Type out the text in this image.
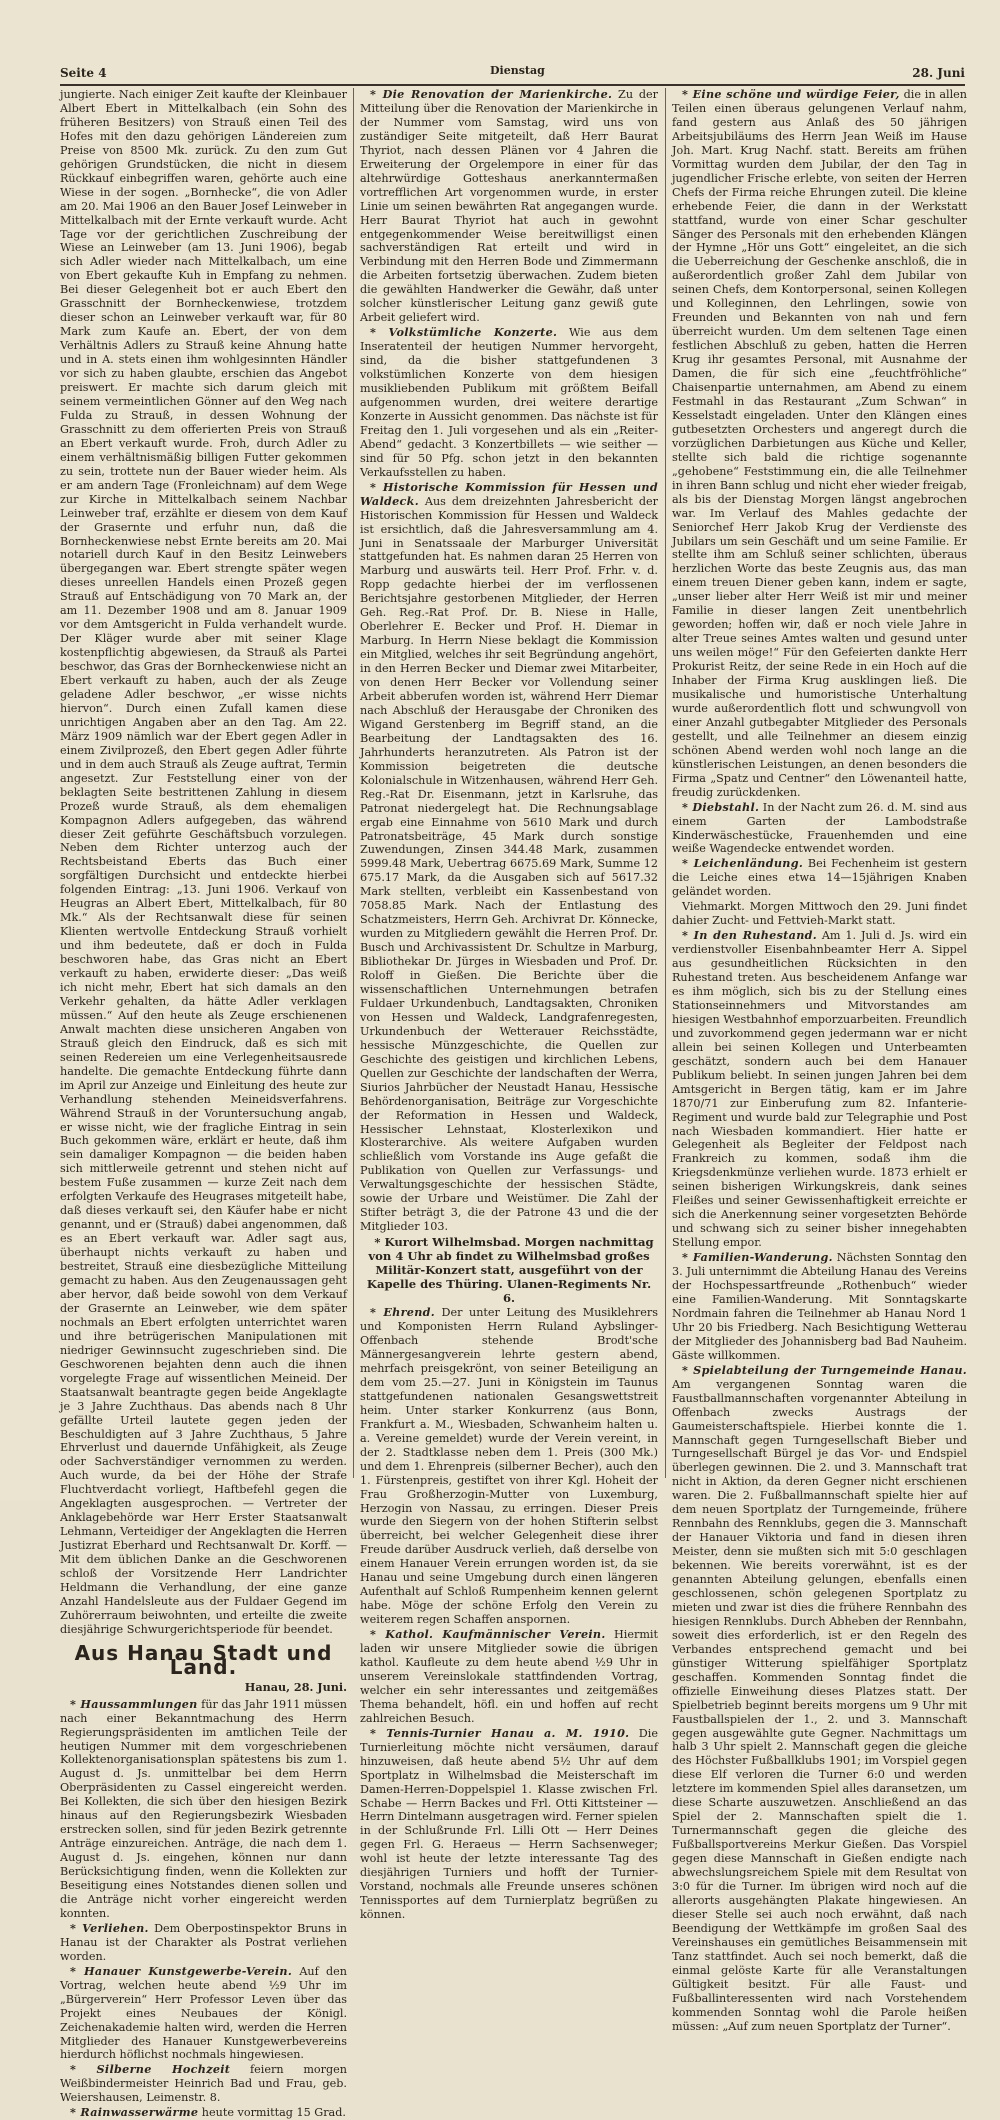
Seite 4	Dienstag	28. Juni

jungierte. Nach einiger Zeit kaufte der Kleinbauer Albert Ebert in Mittelkalbach (ein Sohn des früheren Besitzers) von Strauß einen Teil des Hofes mit den dazu gehörigen Ländereien zum Preise von 8500 Mk. zurück. Zu den zum Gut gehörigen Grundstücken, die nicht in diesem Rückkauf einbegriffen waren, gehörte auch eine Wiese in der sogen. „Bornhecke“, die von Adler am 20. Mai 1906 an den Bauer Josef Leinweber in Mittelkalbach mit der Ernte verkauft wurde. Acht Tage vor der gerichtlichen Zuschreibung der Wiese an Leinweber (am 13. Juni 1906), begab sich Adler wieder nach Mittelkalbach, um eine von Ebert gekaufte Kuh in Empfang zu nehmen. Bei dieser Gelegenheit bot er auch Ebert den Grasschnitt der Bornheckenwiese, trotzdem dieser schon an Leinweber verkauft war, für 80 Mark zum Kaufe an. Ebert, der von dem Verhältnis Adlers zu Strauß keine Ahnung hatte und in A. stets einen ihm wohlgesinnten Händler vor sich zu haben glaubte, erschien das Angebot preiswert. Er machte sich darum gleich mit seinem vermeintlichen Gönner auf den Weg nach Fulda zu Strauß, in dessen Wohnung der Grasschnitt zu dem offerierten Preis von Strauß an Ebert verkauft wurde. Froh, durch Adler zu einem verhältnismäßig billigen Futter gekommen zu sein, trottete nun der Bauer wieder heim. Als er am andern Tage (Fronleichnam) auf dem Wege zur Kirche in Mittelkalbach seinem Nachbar Leinweber traf, erzählte er diesem von dem Kauf der Grasernte und erfuhr nun, daß die Bornheckenwiese nebst Ernte bereits am 20. Mai notariell durch Kauf in den Besitz Leinwebers übergegangen war. Ebert strengte später wegen dieses unreellen Handels einen Prozeß gegen Strauß auf Entschädigung von 70 Mark an, der am 11. Dezember 1908 und am 8. Januar 1909 vor dem Amtsgericht in Fulda verhandelt wurde. Der Kläger wurde aber mit seiner Klage kostenpflichtig abgewiesen, da Strauß als Partei beschwor, das Gras der Bornheckenwiese nicht an Ebert verkauft zu haben, auch der als Zeuge geladene Adler beschwor, „er wisse nichts hiervon“. Durch einen Zufall kamen diese unrichtigen Angaben aber an den Tag. Am 22. März 1909 nämlich war der Ebert gegen Adler in einem Zivilprozeß, den Ebert gegen Adler führte und in dem auch Strauß als Zeuge auftrat, Termin angesetzt. Zur Feststellung einer von der beklagten Seite bestrittenen Zahlung in diesem Prozeß wurde Strauß, als dem ehemaligen Kompagnon Adlers aufgegeben, das während dieser Zeit geführte Geschäftsbuch vorzulegen. Neben dem Richter unterzog auch der Rechtsbeistand Eberts das Buch einer sorgfältigen Durchsicht und entdeckte hierbei folgenden Eintrag: „13. Juni 1906. Verkauf von Heugras an Albert Ebert, Mittelkalbach, für 80 Mk.“ Als der Rechtsanwalt diese für seinen Klienten wertvolle Entdeckung Strauß vorhielt und ihm bedeutete, daß er doch in Fulda beschworen habe, das Gras nicht an Ebert verkauft zu haben, erwiderte dieser: „Das weiß ich nicht mehr, Ebert hat sich damals an den Verkehr gehalten, da hätte Adler verklagen müssen.“ Auf den heute als Zeuge erschienenen Anwalt machten diese unsicheren Angaben von Strauß gleich den Eindruck, daß es sich mit seinen Redereien um eine Verlegenheitsausrede handelte. Die gemachte Entdeckung führte dann im April zur Anzeige und Einleitung des heute zur Verhandlung stehenden Meineidsverfahrens. Während Strauß in der Voruntersuchung angab, er wisse nicht, wie der fragliche Eintrag in sein Buch gekommen wäre, erklärt er heute, daß ihm sein damaliger Kompagnon — die beiden haben sich mittlerweile getrennt und stehen nicht auf bestem Fuße zusammen — kurze Zeit nach dem erfolgten Verkaufe des Heugrases mitgeteilt habe, daß dieses verkauft sei, den Käufer habe er nicht genannt, und er (Strauß) dabei angenommen, daß es an Ebert verkauft war. Adler sagt aus, überhaupt nichts verkauft zu haben und bestreitet, Strauß eine diesbezügliche Mitteilung gemacht zu haben. Aus den Zeugenaussagen geht aber hervor, daß beide sowohl von dem Verkauf der Grasernte an Leinweber, wie dem später nochmals an Ebert erfolgten unterrichtet waren und ihre betrügerischen Manipulationen mit niedriger Gewinnsucht zugeschrieben sind. Die Geschworenen bejahten denn auch die ihnen vorgelegte Frage auf wissentlichen Meineid. Der Staatsanwalt beantragte gegen beide Angeklagte je 3 Jahre Zuchthaus. Das abends nach 8 Uhr gefällte Urteil lautete gegen jeden der Beschuldigten auf 3 Jahre Zuchthaus, 5 Jahre Ehrverlust und dauernde Unfähigkeit, als Zeuge oder Sachverständiger vernommen zu werden. Auch wurde, da bei der Höhe der Strafe Fluchtverdacht vorliegt, Haftbefehl gegen die Angeklagten ausgesprochen. — Vertreter der Anklagebehörde war Herr Erster Staatsanwalt Lehmann, Verteidiger der Angeklagten die Herren Justizrat Eberhard und Rechtsanwalt Dr. Korff. — Mit dem üblichen Danke an die Geschworenen schloß der Vorsitzende Herr Landrichter Heldmann die Verhandlung, der eine ganze Anzahl Handelsleute aus der Fuldaer Gegend im Zuhörerraum beiwohnten, und erteilte die zweite diesjährige Schwurgerichtsperiode für beendet.

Aus Hanau Stadt und Land.
Hanau, 28. Juni.

* Haussammlungen für das Jahr 1911 müssen nach einer Bekanntmachung des Herrn Regierungspräsidenten im amtlichen Teile der heutigen Nummer mit dem vorgeschriebenen Kollektenorganisationsplan spätestens bis zum 1. August d. Js. unmittelbar bei dem Herrn Oberpräsidenten zu Cassel eingereicht werden. Bei Kollekten, die sich über den hiesigen Bezirk hinaus auf den Regierungsbezirk Wiesbaden erstrecken sollen, sind für jeden Bezirk getrennte Anträge einzureichen. Anträge, die nach dem 1. August d. Js. eingehen, können nur dann Berücksichtigung finden, wenn die Kollekten zur Beseitigung eines Notstandes dienen sollen und die Anträge nicht vorher eingereicht werden konnten.

* Verliehen. Dem Oberpostinspektor Bruns in Hanau ist der Charakter als Postrat verliehen worden.

* Hanauer Kunstgewerbe-Verein. Auf den Vortrag, welchen heute abend ½9 Uhr im „Bürgerverein“ Herr Professor Leven über das Projekt eines Neubaues der Königl. Zeichenakademie halten wird, werden die Herren Mitglieder des Hanauer Kunstgewerbevereins hierdurch höflichst nochmals hingewiesen.

* Silberne Hochzeit feiern morgen Weißbindermeister Heinrich Bad und Frau, geb. Weiershausen, Leimenstr. 8.

* Rainwasserwärme heute vormittag 15 Grad.

* Die Renovation der Marienkirche. Zu der Mitteilung über die Renovation der Marienkirche in der Nummer vom Samstag, wird uns von zuständiger Seite mitgeteilt, daß Herr Baurat Thyriot, nach dessen Plänen vor 4 Jahren die Erweiterung der Orgelempore in einer für das altehrwürdige Gotteshaus anerkanntermaßen vortrefflichen Art vorgenommen wurde, in erster Linie um seinen bewährten Rat angegangen wurde. Herr Baurat Thyriot hat auch in gewohnt entgegenkommender Weise bereitwilligst einen sachverständigen Rat erteilt und wird in Verbindung mit den Herren Bode und Zimmermann die Arbeiten fortsetzig überwachen. Zudem bieten die gewählten Handwerker die Gewähr, daß unter solcher künstlerischer Leitung ganz gewiß gute Arbeit geliefert wird.

* Volkstümliche Konzerte. Wie aus dem Inseratenteil der heutigen Nummer hervorgeht, sind, da die bisher stattgefundenen 3 volkstümlichen Konzerte von dem hiesigen musikliebenden Publikum mit größtem Beifall aufgenommen wurden, drei weitere derartige Konzerte in Aussicht genommen. Das nächste ist für Freitag den 1. Juli vorgesehen und als ein „Reiter-Abend“ gedacht. 3 Konzertbillets — wie seither — sind für 50 Pfg. schon jetzt in den bekannten Verkaufsstellen zu haben.

* Historische Kommission für Hessen und Waldeck. Aus dem dreizehnten Jahresbericht der Historischen Kommission für Hessen und Waldeck ist ersichtlich, daß die Jahresversammlung am 4. Juni in Senatssaale der Marburger Universität stattgefunden hat. Es nahmen daran 25 Herren von Marburg und auswärts teil. Herr Prof. Frhr. v. d. Ropp gedachte hierbei der im verflossenen Berichtsjahre gestorbenen Mitglieder, der Herren Geh. Reg.-Rat Prof. Dr. B. Niese in Halle, Oberlehrer E. Becker und Prof. H. Diemar in Marburg. In Herrn Niese beklagt die Kommission ein Mitglied, welches ihr seit Begründung angehört, in den Herren Becker und Diemar zwei Mitarbeiter, von denen Herr Becker vor Vollendung seiner Arbeit abberufen worden ist, während Herr Diemar nach Abschluß der Herausgabe der Chroniken des Wigand Gerstenberg im Begriff stand, an die Bearbeitung der Landtagsakten des 16. Jahrhunderts heranzutreten. Als Patron ist der Kommission beigetreten die deutsche Kolonialschule in Witzenhausen, während Herr Geh. Reg.-Rat Dr. Eisenmann, jetzt in Karlsruhe, das Patronat niedergelegt hat. Die Rechnungsablage ergab eine Einnahme von 5610 Mark und durch Patronatsbeiträge, 45 Mark durch sonstige Zuwendungen, Zinsen 344.48 Mark, zusammen 5999.48 Mark, Uebertrag 6675.69 Mark, Summe 12 675.17 Mark, da die Ausgaben sich auf 5617.32 Mark stellten, verbleibt ein Kassenbestand von 7058.85 Mark. Nach der Entlastung des Schatzmeisters, Herrn Geh. Archivrat Dr. Könnecke, wurden zu Mitgliedern gewählt die Herren Prof. Dr. Busch und Archivassistent Dr. Schultze in Marburg, Bibliothekar Dr. Jürges in Wiesbaden und Prof. Dr. Roloff in Gießen. Die Berichte über die wissenschaftlichen Unternehmungen betrafen Fuldaer Urkundenbuch, Landtagsakten, Chroniken von Hessen und Waldeck, Landgrafenregesten, Urkundenbuch der Wetterauer Reichsstädte, hessische Münzgeschichte, die Quellen zur Geschichte des geistigen und kirchlichen Lebens, Quellen zur Geschichte der landschaften der Werra, Siurios Jahrbücher der Neustadt Hanau, Hessische Behördenorganisation, Beiträge zur Vorgeschichte der Reformation in Hessen und Waldeck, Hessischer Lehnstaat, Klosterlexikon und Klosterarchive. Als weitere Aufgaben wurden schließlich vom Vorstande ins Auge gefaßt die Publikation von Quellen zur Verfassungs- und Verwaltungsgeschichte der hessischen Städte, sowie der Urbare und Weistümer. Die Zahl der Stifter beträgt 3, die der Patrone 43 und die der Mitglieder 103.

* Kurort Wilhelmsbad. Morgen nachmittag von 4 Uhr ab findet zu Wilhelmsbad großes Militär-Konzert statt, ausgeführt von der Kapelle des Thüring. Ulanen-Regiments Nr. 6.

* Ehrend. Der unter Leitung des Musiklehrers und Komponisten Herrn Ruland Aybslinger-Offenbach stehende Brodt'sche Männergesangverein lehrte gestern abend, mehrfach preisgekrönt, von seiner Beteiligung an dem vom 25.—27. Juni in Königstein im Taunus stattgefundenen nationalen Gesangswettstreit heim. Unter starker Konkurrenz (aus Bonn, Frankfurt a. M., Wiesbaden, Schwanheim halten u. a. Vereine gemeldet) wurde der Verein vereint, in der 2. Stadtklasse neben dem 1. Preis (300 Mk.) und dem 1. Ehrenpreis (silberner Becher), auch den 1. Fürstenpreis, gestiftet von ihrer Kgl. Hoheit der Frau Großherzogin-Mutter von Luxemburg, Herzogin von Nassau, zu erringen. Dieser Preis wurde den Siegern von der hohen Stifterin selbst überreicht, bei welcher Gelegenheit diese ihrer Freude darüber Ausdruck verlieh, daß derselbe von einem Hanauer Verein errungen worden ist, da sie Hanau und seine Umgebung durch einen längeren Aufenthalt auf Schloß Rumpenheim kennen gelernt habe. Möge der schöne Erfolg den Verein zu weiterem regen Schaffen anspornen.

* Kathol. Kaufmännischer Verein. Hiermit laden wir unsere Mitglieder sowie die übrigen kathol. Kaufleute zu dem heute abend ½9 Uhr in unserem Vereinslokale stattfindenden Vortrag, welcher ein sehr interessantes und zeitgemäßes Thema behandelt, höfl. ein und hoffen auf recht zahlreichen Besuch.

* Tennis-Turnier Hanau a. M. 1910. Die Turnierleitung möchte nicht versäumen, darauf hinzuweisen, daß heute abend 5½ Uhr auf dem Sportplatz in Wilhelmsbad die Meisterschaft im Damen-Herren-Doppelspiel 1. Klasse zwischen Frl. Schabe — Herrn Backes und Frl. Otti Kittsteiner — Herrn Dintelmann ausgetragen wird. Ferner spielen in der Schlußrunde Frl. Lilli Ott — Herr Deines gegen Frl. G. Heraeus — Herrn Sachsenweger; wohl ist heute der letzte interessante Tag des diesjährigen Turniers und hofft der Turnier-Vorstand, nochmals alle Freunde unseres schönen Tennissportes auf dem Turnierplatz begrüßen zu können.

* Eine schöne und würdige Feier, die in allen Teilen einen überaus gelungenen Verlauf nahm, fand gestern aus Anlaß des 50 jährigen Arbeitsjubiläums des Herrn Jean Weiß im Hause Joh. Mart. Krug Nachf. statt. Bereits am frühen Vormittag wurden dem Jubilar, der den Tag in jugendlicher Frische erlebte, von seiten der Herren Chefs der Firma reiche Ehrungen zuteil. Die kleine erhebende Feier, die dann in der Werkstatt stattfand, wurde von einer Schar geschulter Sänger des Personals mit den erhebenden Klängen der Hymne „Hör uns Gott“ eingeleitet, an die sich die Ueberreichung der Geschenke anschloß, die in außerordentlich großer Zahl dem Jubilar von seinen Chefs, dem Kontorpersonal, seinen Kollegen und Kolleginnen, den Lehrlingen, sowie von Freunden und Bekannten von nah und fern überreicht wurden. Um dem seltenen Tage einen festlichen Abschluß zu geben, hatten die Herren Krug ihr gesamtes Personal, mit Ausnahme der Damen, die für sich eine „feuchtfröhliche“ Chaisenpartie unternahmen, am Abend zu einem Festmahl in das Restaurant „Zum Schwan“ in Kesselstadt eingeladen. Unter den Klängen eines gutbesetzten Orchesters und angeregt durch die vorzüglichen Darbietungen aus Küche und Keller, stellte sich bald die richtige sogenannte „gehobene“ Feststimmung ein, die alle Teilnehmer in ihren Bann schlug und nicht eher wieder freigab, als bis der Dienstag Morgen längst angebrochen war. Im Verlauf des Mahles gedachte der Seniorchef Herr Jakob Krug der Verdienste des Jubilars um sein Geschäft und um seine Familie. Er stellte ihm am Schluß seiner schlichten, überaus herzlichen Worte das beste Zeugnis aus, das man einem treuen Diener geben kann, indem er sagte, „unser lieber alter Herr Weiß ist mir und meiner Familie in dieser langen Zeit unentbehrlich geworden; hoffen wir, daß er noch viele Jahre in alter Treue seines Amtes walten und gesund unter uns weilen möge!“ Für den Gefeierten dankte Herr Prokurist Reitz, der seine Rede in ein Hoch auf die Inhaber der Firma Krug ausklingen ließ. Die musikalische und humoristische Unterhaltung wurde außerordentlich flott und schwungvoll von einer Anzahl gutbegabter Mitglieder des Personals gestellt, und alle Teilnehmer an diesem einzig schönen Abend werden wohl noch lange an die künstlerischen Leistungen, an denen besonders die Firma „Spatz und Centner“ den Löwenanteil hatte, freudig zurückdenken.

* Diebstahl. In der Nacht zum 26. d. M. sind aus einem Garten der Lambodstraße Kinderwäschestücke, Frauenhemden und eine weiße Wagendecke entwendet worden.

* Leichenländung. Bei Fechenheim ist gestern die Leiche eines etwa 14—15jährigen Knaben geländet worden.

Viehmarkt. Morgen Mittwoch den 29. Juni findet dahier Zucht- und Fettvieh-Markt statt.

* In den Ruhestand. Am 1. Juli d. Js. wird ein verdienstvoller Eisenbahnbeamter Herr A. Sippel aus gesundheitlichen Rücksichten in den Ruhestand treten. Aus bescheidenem Anfange war es ihm möglich, sich bis zu der Stellung eines Stationseinnehmers und Mitvorstandes am hiesigen Westbahnhof emporzuarbeiten. Freundlich und zuvorkommend gegen jedermann war er nicht allein bei seinen Kollegen und Unterbeamten geschätzt, sondern auch bei dem Hanauer Publikum beliebt. In seinen jungen Jahren bei dem Amtsgericht in Bergen tätig, kam er im Jahre 1870/71 zur Einberufung zum 82. Infanterie-Regiment und wurde bald zur Telegraphie und Post nach Wiesbaden kommandiert. Hier hatte er Gelegenheit als Begleiter der Feldpost nach Frankreich zu kommen, sodaß ihm die Kriegsdenkmünze verliehen wurde. 1873 erhielt er seinen bisherigen Wirkungskreis, dank seines Fleißes und seiner Gewissenhaftigkeit erreichte er sich die Anerkennung seiner vorgesetzten Behörde und schwang sich zu seiner bisher innegehabten Stellung empor.

* Familien-Wanderung. Nächsten Sonntag den 3. Juli unternimmt die Abteilung Hanau des Vereins der Hochspessartfreunde „Rothenbuch“ wieder eine Familien-Wanderung. Mit Sonntagskarte Nordmain fahren die Teilnehmer ab Hanau Nord 1 Uhr 20 bis Friedberg. Nach Besichtigung Wetterau der Mitglieder des Johannisberg bad Bad Nauheim. Gäste willkommen.

* Spielabteilung der Turngemeinde Hanau. Am vergangenen Sonntag waren die Faustballmannschaften vorgenannter Abteilung in Offenbach zwecks Austrags der Gaumeisterschaftspiele. Hierbei konnte die 1. Mannschaft gegen Turngesellschaft Bieber und Turngesellschaft Bürgel je das Vor- und Endspiel überlegen gewinnen. Die 2. und 3. Mannschaft trat nicht in Aktion, da deren Gegner nicht erschienen waren. Die 2. Fußballmannschaft spielte hier auf dem neuen Sportplatz der Turngemeinde, frühere Rennbahn des Rennklubs, gegen die 3. Mannschaft der Hanauer Viktoria und fand in diesen ihren Meister, denn sie mußten sich mit 5:0 geschlagen bekennen. Wie bereits vorerwähnt, ist es der genannten Abteilung gelungen, ebenfalls einen geschlossenen, schön gelegenen Sportplatz zu mieten und zwar ist dies die frühere Rennbahn des hiesigen Rennklubs. Durch Abheben der Rennbahn, soweit dies erforderlich, ist er den Regeln des Verbandes entsprechend gemacht und bei günstiger Witterung spielfähiger Sportplatz geschaffen. Kommenden Sonntag findet die offizielle Einweihung dieses Platzes statt. Der Spielbetrieb beginnt bereits morgens um 9 Uhr mit Faustballspielen der 1., 2. und 3. Mannschaft gegen ausgewählte gute Gegner. Nachmittags um halb 3 Uhr spielt 2. Mannschaft gegen die gleiche des Höchster Fußballklubs 1901; im Vorspiel gegen diese Elf verloren die Turner 6:0 und werden letztere im kommenden Spiel alles daransetzen, um diese Scharte auszuwetzen. Anschließend an das Spiel der 2. Mannschaften spielt die 1. Turnermannschaft gegen die gleiche des Fußballsportvereins Merkur Gießen. Das Vorspiel gegen diese Mannschaft in Gießen endigte nach abwechslungsreichem Spiele mit dem Resultat von 3:0 für die Turner. Im übrigen wird noch auf die allerorts ausgehängten Plakate hingewiesen. An dieser Stelle sei auch noch erwähnt, daß nach Beendigung der Wettkämpfe im großen Saal des Vereinshauses ein gemütliches Beisammensein mit Tanz stattfindet. Auch sei noch bemerkt, daß die einmal gelöste Karte für alle Veranstaltungen Gültigkeit besitzt. Für alle Faust- und Fußballinteressenten wird nach Vorstehendem kommenden Sonntag wohl die Parole heißen müssen: „Auf zum neuen Sportplatz der Turner“.
